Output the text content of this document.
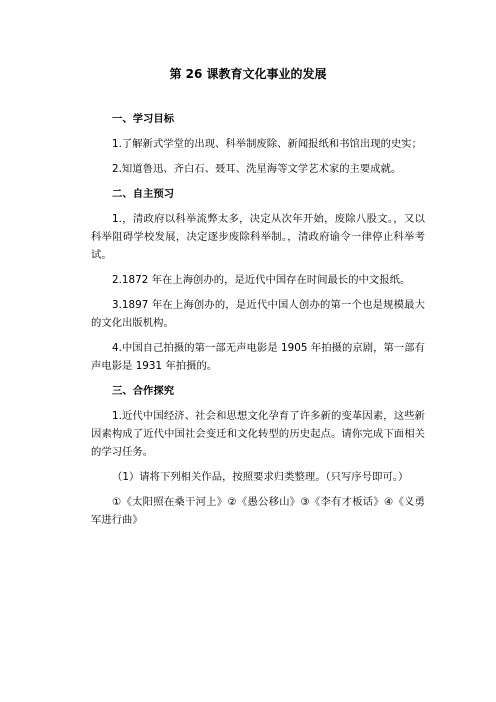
第 26 课教育文化事业的发展

一、学习目标

1.了解新式学堂的出现、科举制废除、新闻报纸和书馆出现的史实；

2.知道鲁迅、齐白石、聂耳、洗星海等文学艺术家的主要成就。

二、自主预习

1.，清政府以科举流弊太多，决定从次年开始，废除八股文。，又以科举阻碍学校发展，决定逐步废除科举制。，清政府谕令一律停止科举考试。

2.1872 年在上海创办的，是近代中国存在时间最长的中文报纸。

3.1897 年在上海创办的，是近代中国人创办的第一个也是规模最大的文化出版机构。

4.中国自己拍摄的第一部无声电影是 1905 年拍摄的京剧，第一部有声电影是 1931 年拍摄的。

三、合作探究

1.近代中国经济、社会和思想文化孕育了许多新的变革因素，这些新因素构成了近代中国社会变迁和文化转型的历史起点。请你完成下面相关的学习任务。

（1）请将下列相关作品，按照要求归类整理。（只写序号即可。）

①《太阳照在桑干河上》②《愚公移山》③《李有才板话》④《义勇军进行曲》
